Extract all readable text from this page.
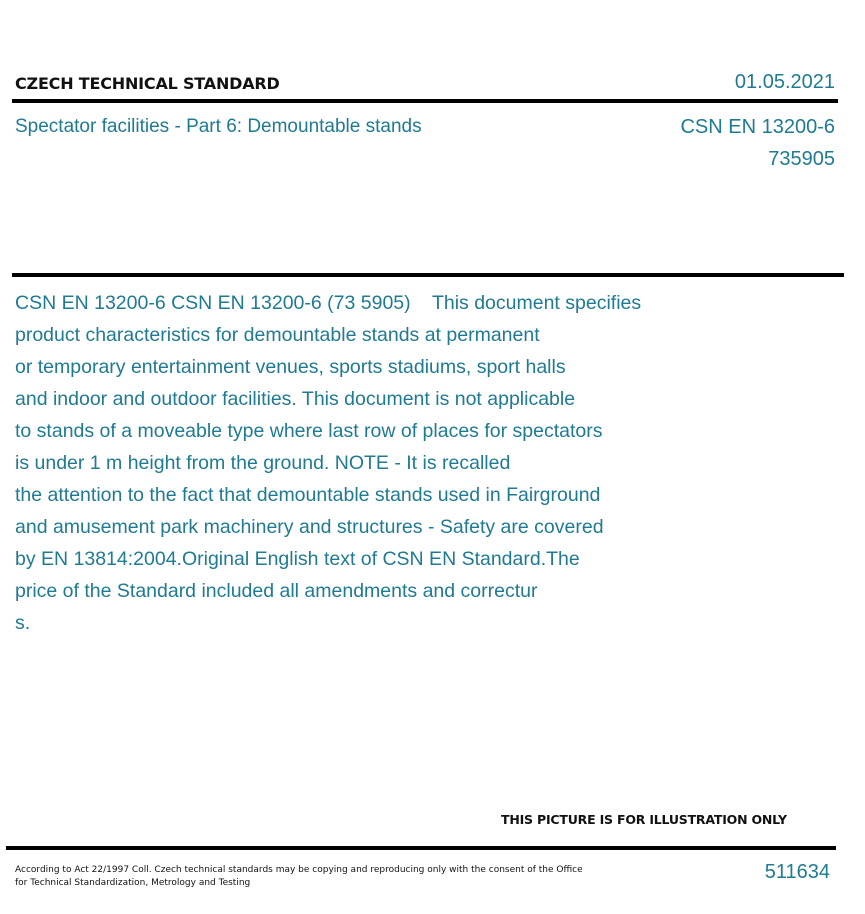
CZECH TECHNICAL STANDARD	01.05.2021
Spectator facilities - Part 6: Demountable stands	CSN EN 13200-6
735905

CSN EN 13200-6 CSN EN 13200-6 (73 5905)    This document specifies
product characteristics for demountable stands at permanent
or temporary entertainment venues, sports stadiums, sport halls
and indoor and outdoor facilities. This document is not applicable
to stands of a moveable type where last row of places for spectators
is under 1 m height from the ground. NOTE - It is recalled
the attention to the fact that demountable stands used in Fairground
and amusement park machinery and structures - Safety are covered
by EN 13814:2004.Original English text of CSN EN Standard.The
price of the Standard included all amendments and correctur
s.

THIS PICTURE IS FOR ILLUSTRATION ONLY

According to Act 22/1997 Coll. Czech technical standards may be copying and reproducing only with the consent of the Office
for Technical Standardization, Metrology and Testing	511634
